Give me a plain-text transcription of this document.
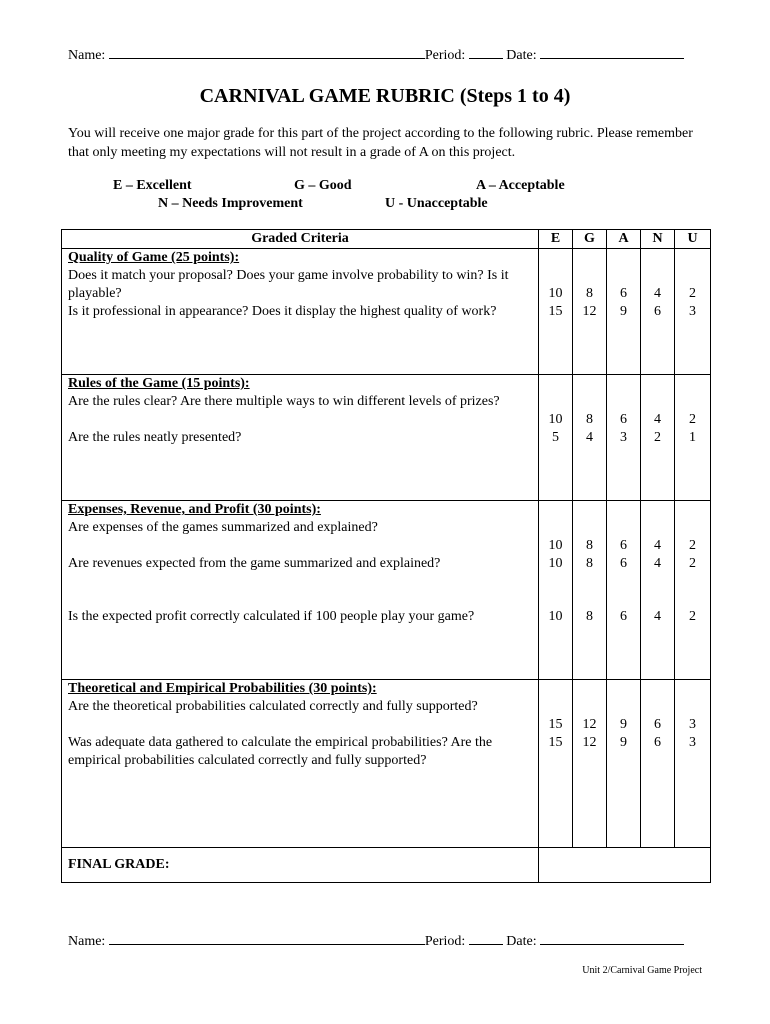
Name:	Period:	Date:
CARNIVAL GAME RUBRIC (Steps 1 to 4)
You will receive one major grade for this part of the project according to the following rubric. Please remember that only meeting my expectations will not result in a grade of A on this project.
E – Excellent	G – Good	A – Acceptable
N – Needs Improvement	U - Unacceptable
Graded Criteria	E	G	A	N	U

Quality of Game (25 points):
Does it match your proposal? Does your game involve probability to win? Is it playable?	10	8	6	4	2

Is it professional in appearance? Does it display the highest quality of work?	15	12	9	6	3

Rules of the Game (15 points):
Are the rules clear? Are there multiple ways to win different levels of prizes?	10	8	6	4	2

Are the rules neatly presented?	5	4	3	2	1

Expenses, Revenue, and Profit (30 points):
Are expenses of the games summarized and explained?	10	8	6	4	2

Are revenues expected from the game summarized and explained?	10	8	6	4	2

Is the expected profit correctly calculated if 100 people play your game?	10	8	6	4	2

Theoretical and Empirical Probabilities (30 points):
Are the theoretical probabilities calculated correctly and fully supported?	15	12	9	6	3

Was adequate data gathered to calculate the empirical probabilities? Are the empirical probabilities calculated correctly and fully supported?	15	12	9	6	3
FINAL GRADE:					
Name:	Period:	Date:
Unit 2/Carnival Game Project
